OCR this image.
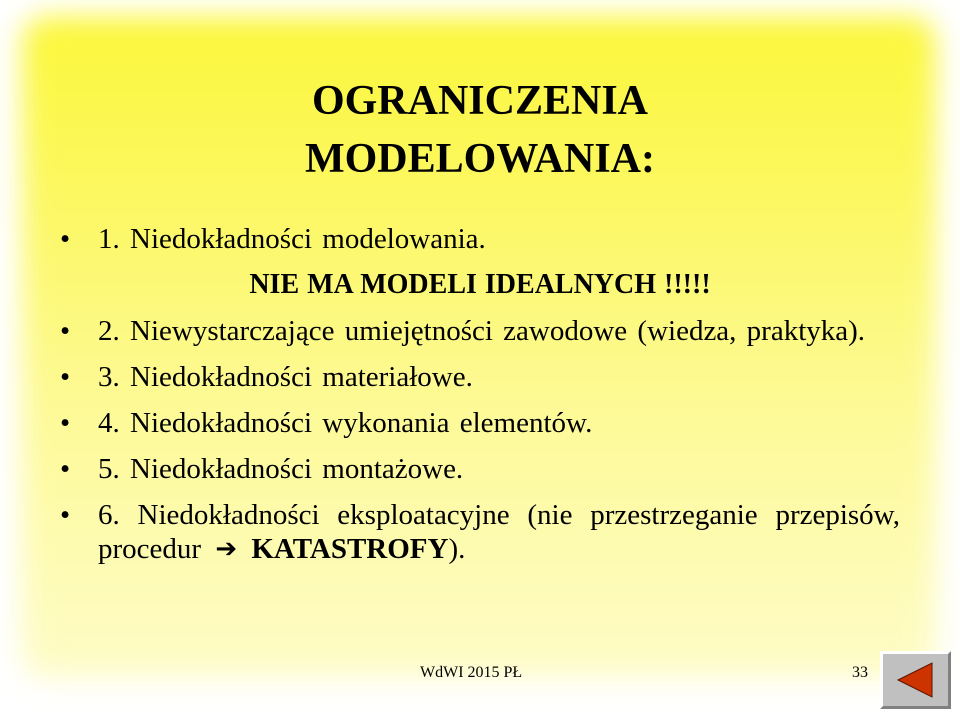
OGRANICZENIA
MODELOWANIA:
• 1. Niedokładności modelowania.
NIE MA MODELI IDEALNYCH !!!!!
• 2. Niewystarczające umiejętności zawodowe (wiedza, praktyka).
• 3. Niedokładności materiałowe.
• 4. Niedokładności wykonania elementów.
• 5. Niedokładności montażowe.
• 6. Niedokładności eksploatacyjne (nie przestrzeganie przepisów, procedur ➔ KATASTROFY).
WdWI 2015 PŁ	33
